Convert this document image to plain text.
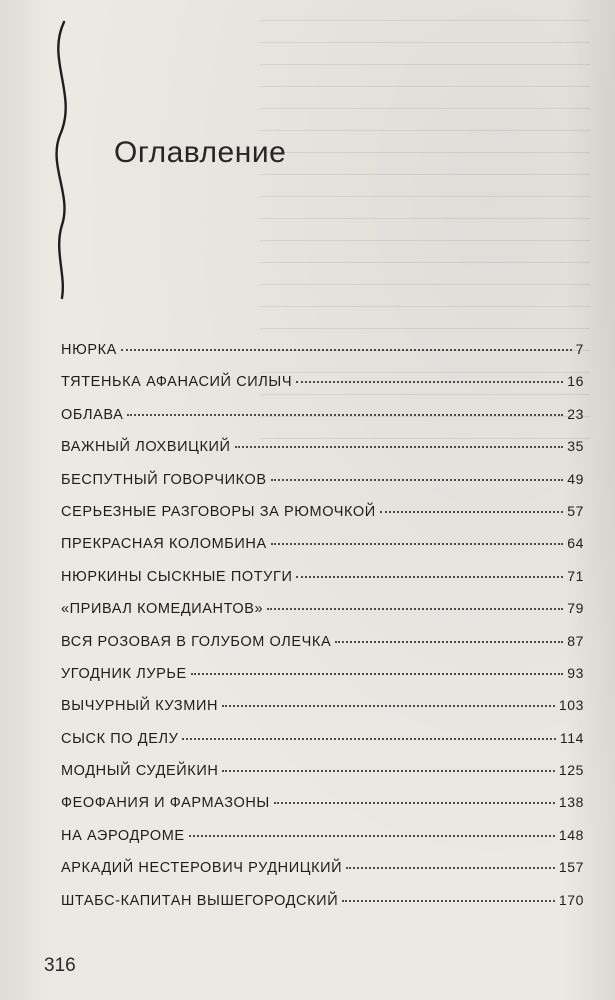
Оглавление
НЮРКА	7
ТЯТЕНЬКА АФАНАСИЙ СИЛЫЧ	16
ОБЛАВА	23
ВАЖНЫЙ ЛОХВИЦКИЙ	35
БЕСПУТНЫЙ ГОВОРЧИКОВ	49
СЕРЬЕЗНЫЕ РАЗГОВОРЫ ЗА РЮМОЧКОЙ	57
ПРЕКРАСНАЯ КОЛОМБИНА	64
НЮРКИНЫ СЫСКНЫЕ ПОТУГИ	71
«ПРИВАЛ КОМЕДИАНТОВ»	79
ВСЯ РОЗОВАЯ В ГОЛУБОМ ОЛЕЧКА	87
УГОДНИК ЛУРЬЕ	93
ВЫЧУРНЫЙ КУЗМИН	103
СЫСК ПО ДЕЛУ	114
МОДНЫЙ СУДЕЙКИН	125
ФЕОФАНИЯ И ФАРМАЗОНЫ	138
НА АЭРОДРОМЕ	148
АРКАДИЙ НЕСТЕРОВИЧ РУДНИЦКИЙ	157
ШТАБС-КАПИТАН ВЫШЕГОРОДСКИЙ	170
316
